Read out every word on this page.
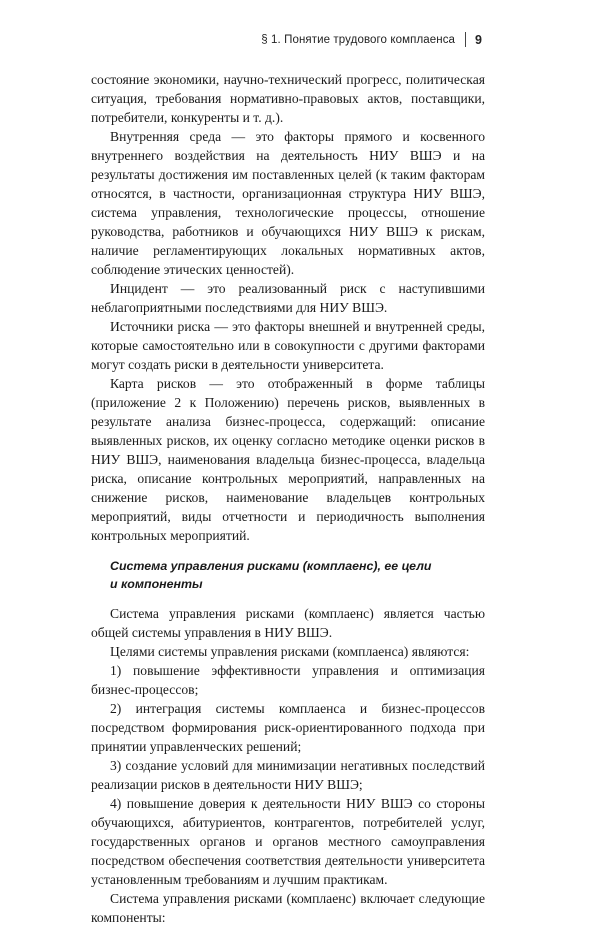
§ 1. Понятие трудового комплаенса 9

состояние экономики, научно-технический прогресс, политическая ситуация, требования нормативно-правовых актов, поставщики, потребители, конкуренты и т. д.).

Внутренняя среда — это факторы прямого и косвенного внутреннего воздействия на деятельность НИУ ВШЭ и на результаты достижения им поставленных целей (к таким факторам относятся, в частности, организационная структура НИУ ВШЭ, система управления, технологические процессы, отношение руководства, работников и обучающихся НИУ ВШЭ к рискам, наличие регламентирующих локальных нормативных актов, соблюдение этических ценностей).

Инцидент — это реализованный риск с наступившими неблагоприятными последствиями для НИУ ВШЭ.

Источники риска — это факторы внешней и внутренней среды, которые самостоятельно или в совокупности с другими факторами могут создать риски в деятельности университета.

Карта рисков — это отображенный в форме таблицы (приложение 2 к Положению) перечень рисков, выявленных в результате анализа бизнес-процесса, содержащий: описание выявленных рисков, их оценку согласно методике оценки рисков в НИУ ВШЭ, наименования владельца бизнес-процесса, владельца риска, описание контрольных мероприятий, направленных на снижение рисков, наименование владельцев контрольных мероприятий, виды отчетности и периодичность выполнения контрольных мероприятий.

Система управления рисками (комплаенс), ее цели
и компоненты

Система управления рисками (комплаенс) является частью общей системы управления в НИУ ВШЭ.

Целями системы управления рисками (комплаенса) являются:

1) повышение эффективности управления и оптимизация бизнес-процессов;

2) интеграция системы комплаенса и бизнес-процессов посредством формирования риск-ориентированного подхода при принятии управленческих решений;

3) создание условий для минимизации негативных последствий реализации рисков в деятельности НИУ ВШЭ;

4) повышение доверия к деятельности НИУ ВШЭ со стороны обучающихся, абитуриентов, контрагентов, потребителей услуг, государственных органов и органов местного самоуправления посредством обеспечения соответствия деятельности университета установленным требованиям и лучшим практикам.

Система управления рисками (комплаенс) включает следующие компоненты:
